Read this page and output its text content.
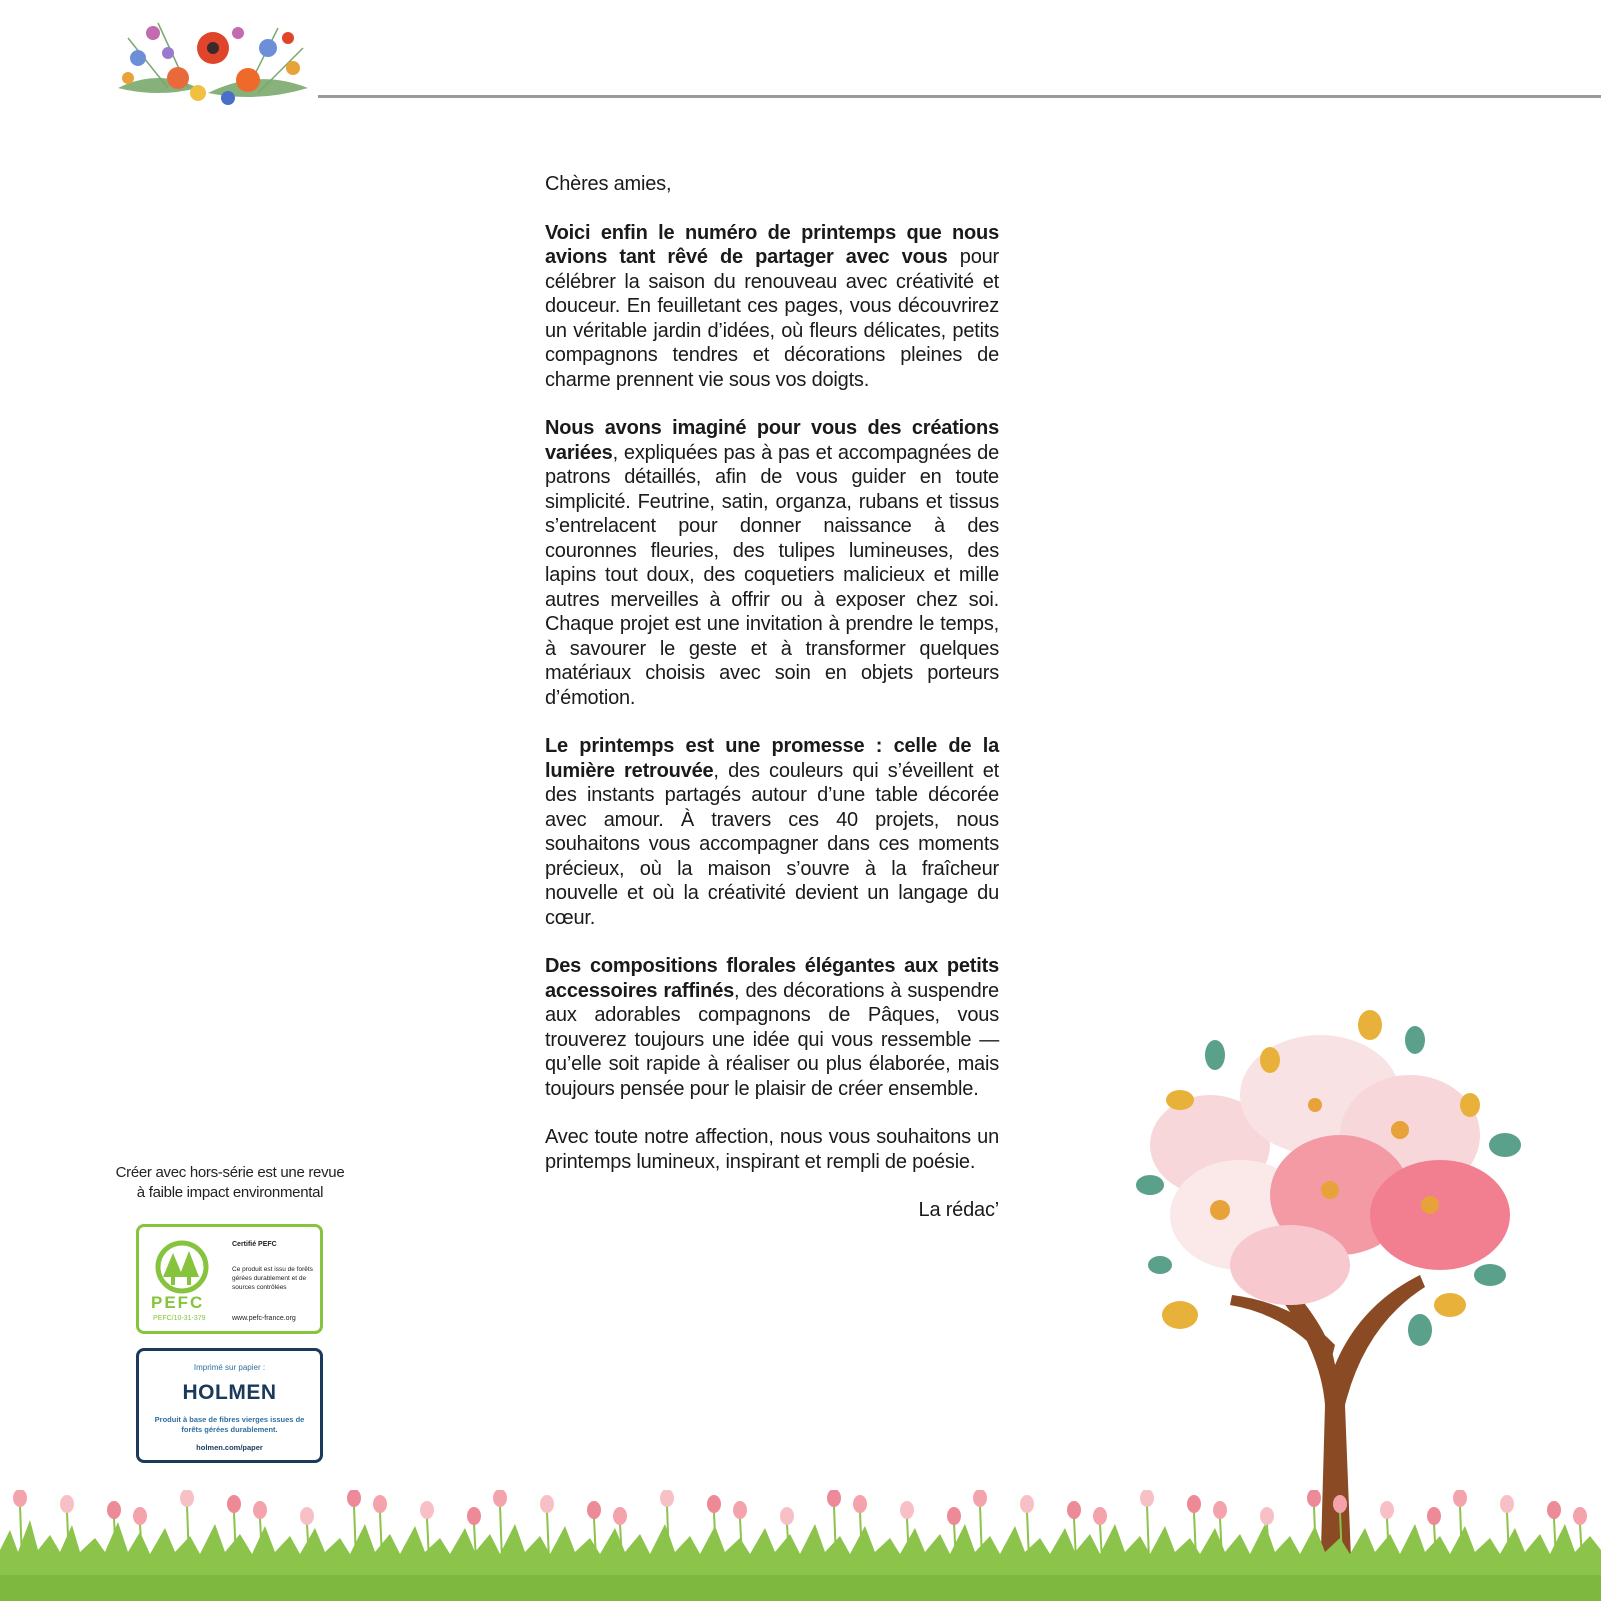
Chères amies,

Voici enfin le numéro de printemps que nous avions tant rêvé de partager avec vous pour célébrer la saison du renouveau avec créativité et douceur. En feuilletant ces pages, vous découvrirez un véritable jardin d’idées, où fleurs délicates, petits compagnons tendres et décorations pleines de charme prennent vie sous vos doigts.

Nous avons imaginé pour vous des créations variées, expliquées pas à pas et accompagnées de patrons détaillés, afin de vous guider en toute simplicité. Feutrine, satin, organza, rubans et tissus s’entrelacent pour donner naissance à des couronnes fleuries, des tulipes lumineuses, des lapins tout doux, des coquetiers malicieux et mille autres merveilles à offrir ou à exposer chez soi. Chaque projet est une invitation à prendre le temps, à savourer le geste et à transformer quelques matériaux choisis avec soin en objets porteurs d’émotion.

Le printemps est une promesse : celle de la lumière retrouvée, des couleurs qui s’éveillent et des instants partagés autour d’une table décorée avec amour. À travers ces 40 projets, nous souhaitons vous accompagner dans ces moments précieux, où la maison s’ouvre à la fraîcheur nouvelle et où la créativité devient un langage du cœur.

Des compositions florales élégantes aux petits accessoires raffinés, des décorations à suspendre aux adorables compagnons de Pâques, vous trouverez toujours une idée qui vous ressemble — qu’elle soit rapide à réaliser ou plus élaborée, mais toujours pensée pour le plaisir de créer ensemble.

Avec toute notre affection, nous vous souhaitons un printemps lumineux, inspirant et rempli de poésie.

La rédac’

Créer avec hors-série est une revue
à faible impact environmental
PEFC
PEFC/10-31-379
Certifié PEFC
Ce produit est issu de forêts gérées durablement et de sources contrôlées
www.pefc-france.org
Imprimé sur papier :
HOLMEN
Produit à base de fibres vierges issues de forêts gérées durablement.
holmen.com/paper
